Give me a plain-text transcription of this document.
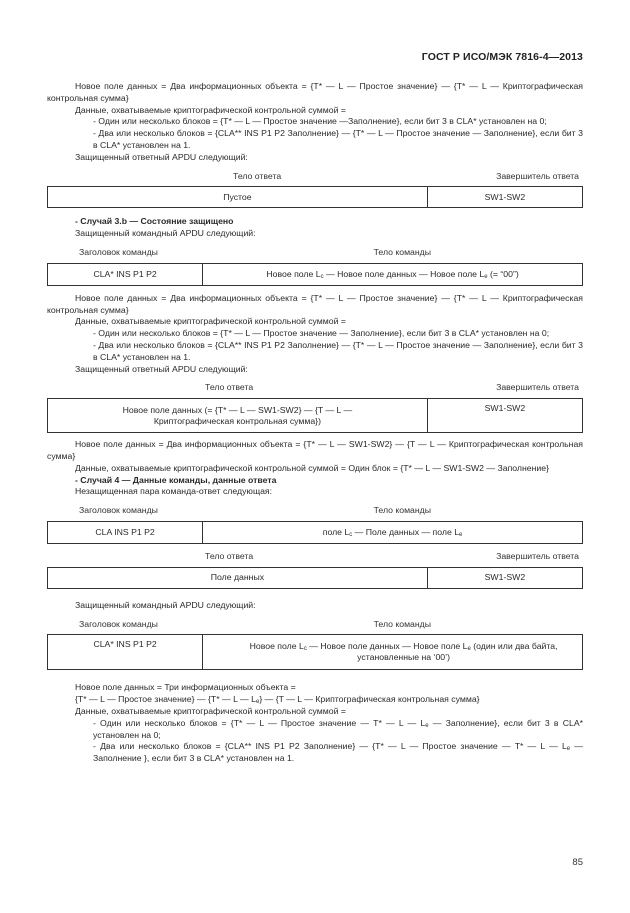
ГОСТ Р ИСО/МЭК 7816-4—2013

Новое поле данных = Два информационных объекта = {T* — L — Простое значение} — {T* — L — Криптографическая контрольная сумма}

Данные, охватываемые криптографической контрольной суммой =

- Один или несколько блоков = {T* — L — Простое значение —Заполнение}, если бит 3 в CLA* установлен на 0;

- Два или несколько блоков = {CLA** INS P1 P2 Заполнение} — {T* — L — Простое значение — Заполнение}, если бит 3 в CLA* установлен на 1.

Защищенный ответный APDU следующий:

Тело ответа	Завершитель ответа
Пустое	SW1-SW2

- Случай 3.b — Состояние защищено

Защищенный командный APDU следующий:

Заголовок команды	Тело команды
CLA* INS P1 P2	Новое поле $L_c$ — Новое поле данных — Новое поле $L_e$ (= “00”)

Новое поле данных = Два информационных объекта = {T* — L — Простое значение} — {T* — L — Криптографическая контрольная сумма}

Данные, охватываемые криптографической контрольной суммой =

- Один или несколько блоков = {T* — L — Простое значение — Заполнение}, если бит 3 в CLA* установлен на 0;

- Два или несколько блоков = {CLA** INS P1 P2 Заполнение} — {T* — L — Простое значение — Заполнение}, если бит 3 в CLA* установлен на 1.

Защищенный ответный APDU следующий:

Тело ответа	Завершитель ответа
Новое поле данных (= {T* — L — SW1-SW2} — {T — L — Криптографическая контрольная сумма})	SW1-SW2

Новое поле данных = Два информационных объекта = {T* — L — SW1-SW2} — {T — L — Криптографическая контрольная сумма}

Данные, охватываемые криптографической контрольной суммой = Один блок = {T* — L — SW1-SW2 — Заполнение}

- Случай 4 — Данные команды, данные ответа

Незащищенная пара команда-ответ следующая:

Заголовок команды	Тело команды
CLA INS P1 P2	поле $L_c$ — Поле данных — поле $L_e$
Тело ответа	Завершитель ответа
Поле данных	SW1-SW2

Защищенный командный APDU следующий:

Заголовок команды	Тело команды
CLA* INS P1 P2	Новое поле $L_c$ — Новое поле данных — Новое поле $L_e$ (один или два байта, установленные на ‘00’)

Новое поле данных = Три информационных объекта =

{T* — L — Простое значение} — {T* — L — $L_e$} — {T — L — Криптографическая контрольная сумма}

Данные, охватываемые криптографической контрольной суммой =

- Один или несколько блоков = {T* — L — Простое значение — T* — L — $L_e$ — Заполнение}, если бит 3 в CLA* установлен на 0;

- Два или несколько блоков = {CLA** INS P1 P2 Заполнение} — {T* — L — Простое значение — T* — L — $L_e$ — Заполнение }, если бит 3 в CLA* установлен на 1.

85
